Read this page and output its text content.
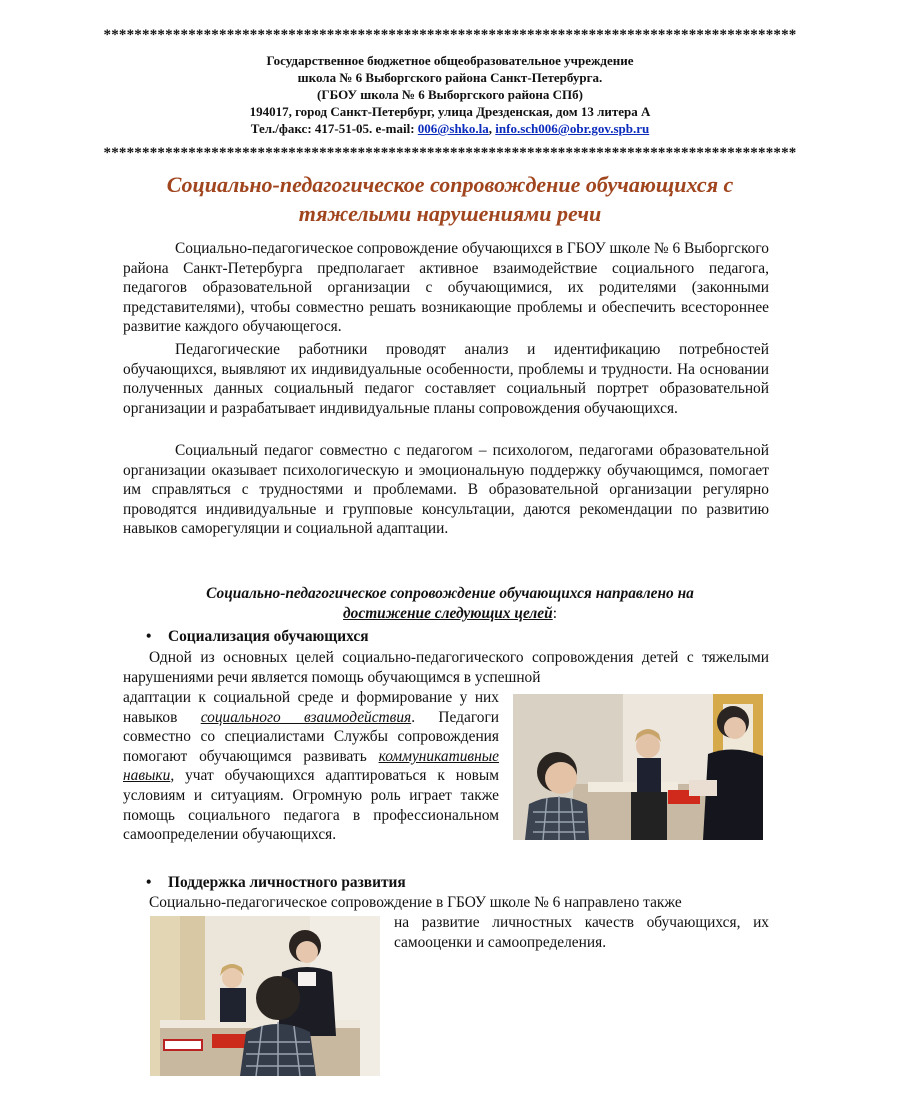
******************************************************************************************
Государственное бюджетное общеобразовательное учреждение
школа № 6 Выборгского района Санкт-Петербурга.
(ГБОУ школа № 6 Выборгского района СПб)
194017, город Санкт-Петербург, улица Дрезденская, дом 13 литера А
Тел./факс: 417-51-05. e-mail: 006@shko.la, info.sch006@obr.gov.spb.ru
******************************************************************************************
Социально-педагогическое сопровождение обучающихся с
тяжелыми нарушениями речи
Социально-педагогическое сопровождение обучающихся в ГБОУ школе № 6 Выборгского района Санкт-Петербурга предполагает активное взаимодействие социального педагога, педагогов образовательной организации с обучающимися, их родителями (законными представителями), чтобы совместно решать возникающие проблемы и обеспечить всестороннее развитие каждого обучающегося.
Педагогические работники проводят анализ и идентификацию потребностей обучающихся, выявляют их индивидуальные особенности, проблемы и трудности. На основании полученных данных социальный педагог составляет социальный портрет образовательной организации и разрабатывает индивидуальные планы сопровождения обучающихся.
Социальный педагог совместно с педагогом – психологом, педагогами образовательной организации оказывает психологическую и эмоциональную поддержку обучающимся, помогает им справляться с трудностями и проблемами. В образовательной организации регулярно проводятся индивидуальные и групповые консультации, даются рекомендации по развитию навыков саморегуляции и социальной адаптации.
Социально-педагогическое сопровождение обучающихся направлено на
достижение следующих целей:
• Социализация обучающихся
Одной из основных целей социально-педагогического сопровождения детей с тяжелыми нарушениями речи является помощь обучающимся в успешной
адаптации к социальной среде и формирование у них навыков социального взаимодействия. Педагоги совместно со специалистами Службы сопровождения помогают обучающимся развивать коммуникативные навыки, учат обучающихся адаптироваться к новым условиям и ситуациям. Огромную роль играет также помощь социального педагога в профессиональном самоопределении обучающихся.
• Поддержка личностного развития
Социально-педагогическое сопровождение в ГБОУ школе № 6 направлено также
на развитие личностных качеств обучающихся, их самооценки и самоопределения.
